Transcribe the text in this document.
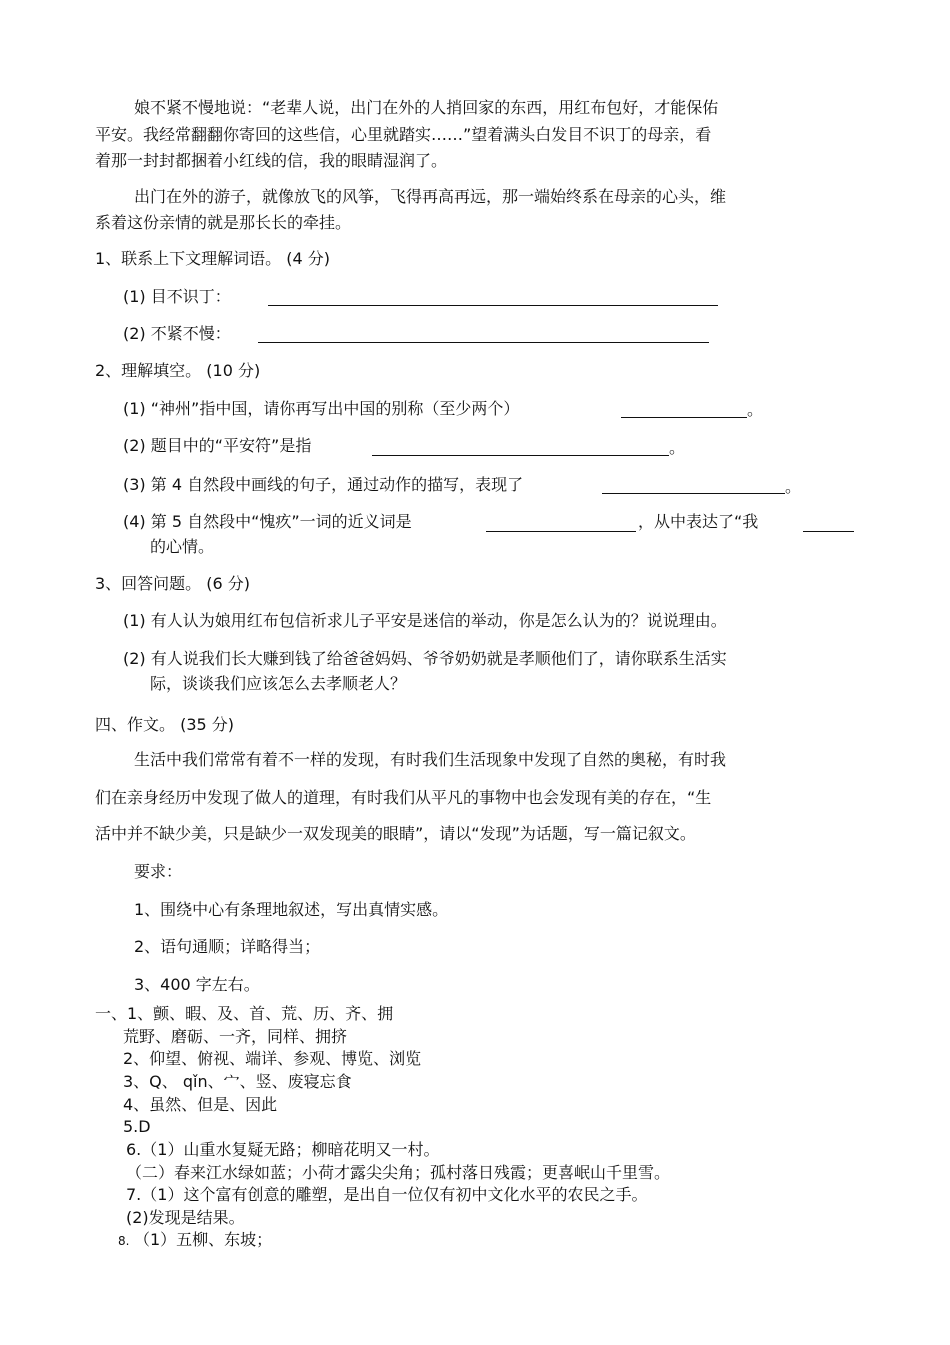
娘不紧不慢地说：“老辈人说，出门在外的人捎回家的东西，用红布包好，才能保佑
平安。我经常翻翻你寄回的这些信，心里就踏实……”望着满头白发目不识丁的母亲，看
着那一封封都捆着小红线的信，我的眼睛湿润了。
出门在外的游子，就像放飞的风筝，飞得再高再远，那一端始终系在母亲的心头，维
系着这份亲情的就是那长长的牵挂。
1、联系上下文理解词语。 (4 分)
(1) 目不识丁：
(2) 不紧不慢：
2、理解填空。 (10 分)
(1) “神州”指中国，请你再写出中国的别称（至少两个）	。
(2) 题目中的“平安符”是指	。
(3) 第 4 自然段中画线的句子，通过动作的描写，表现了	。
(4) 第 5 自然段中“愧疚”一词的近义词是	，从中表达了“我
的心情。
3、回答问题。 (6 分)
(1) 有人认为娘用红布包信祈求儿子平安是迷信的举动，你是怎么认为的？说说理由。
(2) 有人说我们长大赚到钱了给爸爸妈妈、爷爷奶奶就是孝顺他们了，请你联系生活实
际，谈谈我们应该怎么去孝顺老人？
四、作文。 (35 分)
生活中我们常常有着不一样的发现，有时我们生活现象中发现了自然的奥秘，有时我
们在亲身经历中发现了做人的道理，有时我们从平凡的事物中也会发现有美的存在，“生
活中并不缺少美，只是缺少一双发现美的眼睛”，请以“发现”为话题，写一篇记叙文。
要求：
1、围绕中心有条理地叙述，写出真情实感。
2、语句通顺；详略得当；
3、400 字左右。
一、1、颤、暇、及、首、荒、历、齐、拥
荒野、磨砺、一齐，同样、拥挤
2、仰望、俯视、端详、参观、博览、浏览
3、Q、 qǐn、宀、竖、废寝忘食
4、虽然、但是、因此
5.D
6.（1）山重水复疑无路；柳暗花明又一村。
（二）春来江水绿如蓝；小荷才露尖尖角；孤村落日残霞；更喜岷山千里雪。
7.（1）这个富有创意的雕塑，是出自一位仅有初中文化水平的农民之手。
(2)发现是结果。
8. （1）五柳、东坡；
